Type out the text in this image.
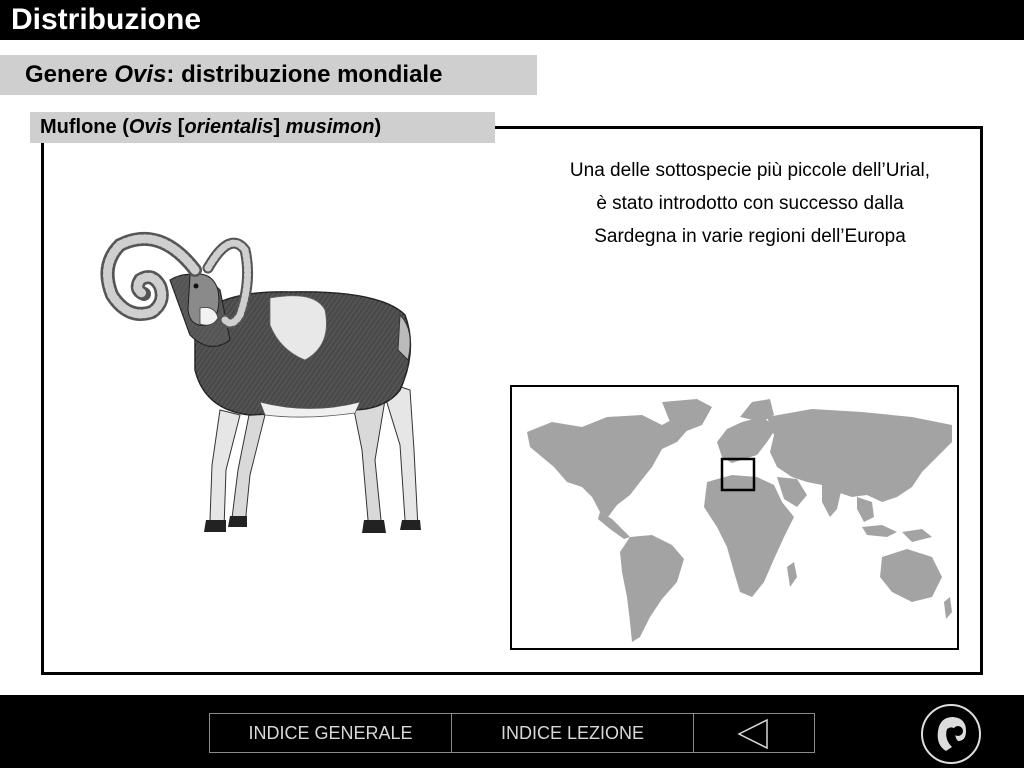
Distribuzione
Genere Ovis: distribuzione mondiale
Muflone (Ovis [orientalis] musimon)
Una delle sottospecie più piccole dell’Urial,
è stato introdotto con successo dalla
Sardegna in varie regioni dell’Europa
INDICE GENERALE	INDICE LEZIONE
